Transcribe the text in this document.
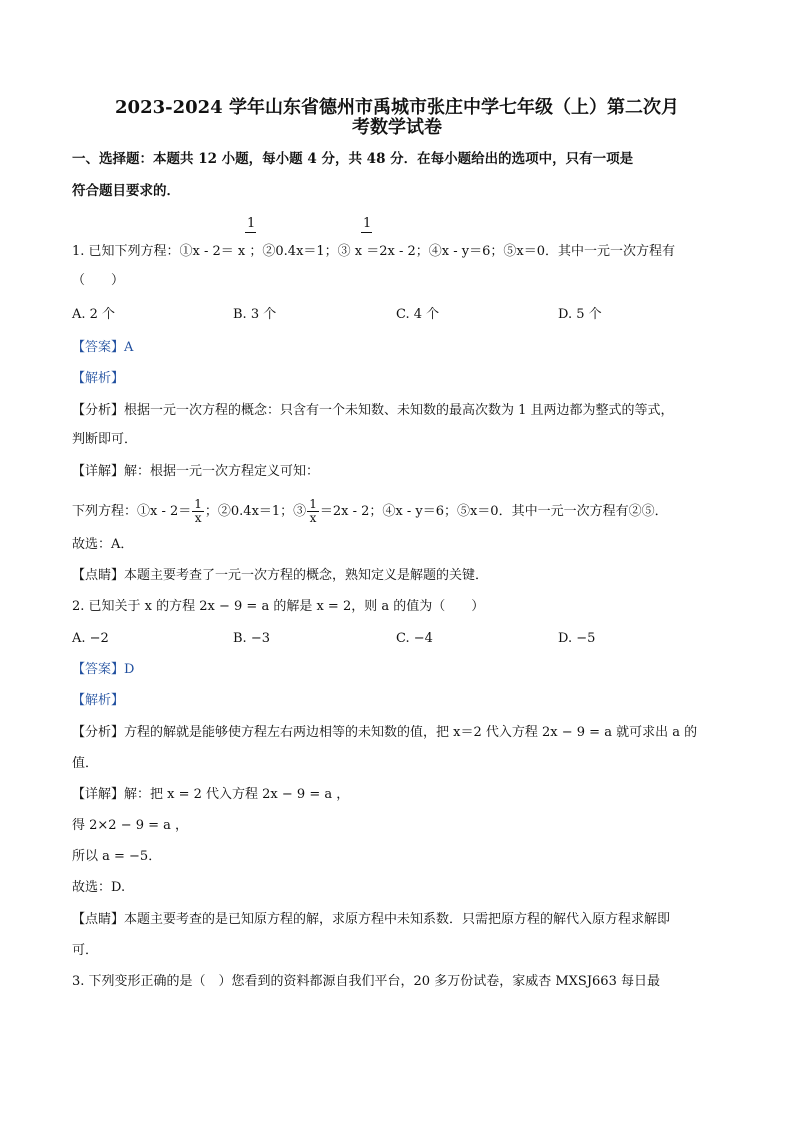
2023-2024 学年山东省德州市禹城市张庄中学七年级（上）第二次月
考数学试卷
一、选择题：本题共 12 小题，每小题 4 分，共 48 分．在每小题给出的选项中，只有一项是
符合题目要求的．
1	1
1. 已知下列方程：①x - 2＝ x ；②0.4x＝1；③ x ＝2x - 2；④x - y＝6；⑤x＝0．其中一元一次方程有
（　　）
A. 2 个	B. 3 个	C. 4 个	D. 5 个
【答案】A
【解析】
【分析】根据一元一次方程的概念：只含有一个未知数、未知数的最高次数为 1 且两边都为整式的等式，
判断即可．
【详解】解：根据一元一次方程定义可知：
下列方程：①x - $2= \frac{1}{x}$ ；②0.4x＝1；③ $\frac{1}{x} =2x - 2$；④x - y＝6；⑤x＝0．其中一元一次方程有②⑤．
故选：A．
【点睛】本题主要考查了一元一次方程的概念，熟知定义是解题的关键．
2. 已知关于 x 的方程 2x − 9 = a 的解是 x = 2，则 a 的值为（　　）
A. −2	B. −3	C. −4	D. −5
【答案】D
【解析】
【分析】方程的解就是能够使方程左右两边相等的未知数的值，把 x＝2 代入方程 2x − 9 = a 就可求出 a 的
值．
【详解】解：把 x = 2 代入方程 2x − 9 = a ，
得 2×2 − 9 = a ，
所以 a = −5．
故选：D.
【点睛】本题主要考查的是已知原方程的解，求原方程中未知系数．只需把原方程的解代入原方程求解即
可．
3. 下列变形正确的是（　）您看到的资料都源自我们平台，20 多万份试卷，家威杏 MXSJ663 每日最
